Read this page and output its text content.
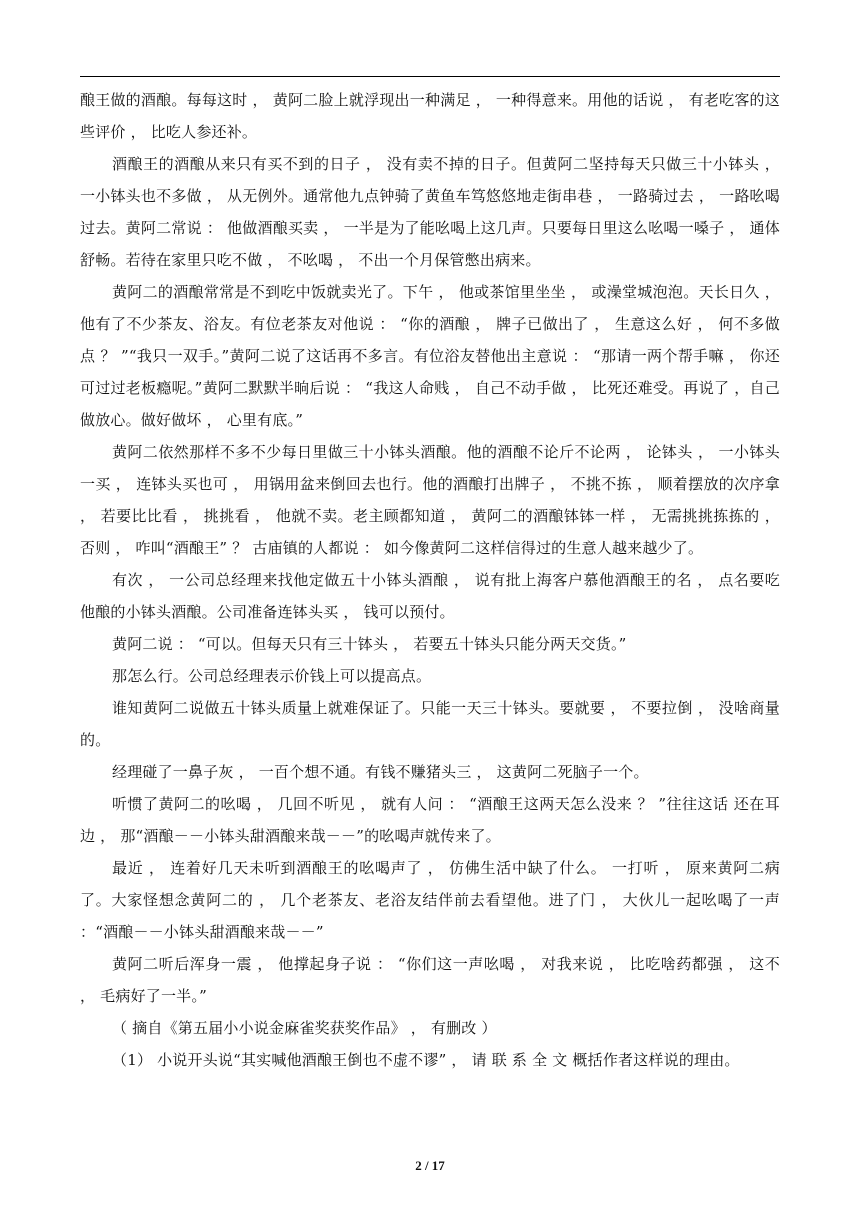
酿王做的酒酿。每每这时 ， 黄阿二脸上就浮现出一种满足 ， 一种得意来。用他的话说 ， 有老吃客的这些评价 ， 比吃人参还补。

酒酿王的酒酿从来只有买不到的日子 ， 没有卖不掉的日子。但黄阿二坚持每天只做三十小钵头 ， 一小钵头也不多做 ， 从无例外。通常他九点钟骑了黄鱼车笃悠悠地走街串巷 ， 一路骑过去 ， 一路吆喝过去。黄阿二常说 ： 他做酒酿买卖 ， 一半是为了能吆喝上这几声。只要每日里这么吆喝一嗓子 ， 通体舒畅。若待在家里只吃不做 ， 不吆喝 ， 不出一个月保管憋出病来。

黄阿二的酒酿常常是不到吃中饭就卖光了。下午 ， 他或茶馆里坐坐 ， 或澡堂城泡泡。天长日久 ，他有了不少茶友、浴友。有位老茶友对他说 ： “你的酒酿 ， 牌子已做出了 ， 生意这么好 ， 何不多做点 ？ ”“我只一双手。”黄阿二说了这话再不多言。有位浴友替他出主意说 ： “那请一两个帮手嘛 ， 你还可过过老板瘾呢。”黄阿二默默半晌后说 ： “我这人命贱 ， 自己不动手做 ， 比死还难受。再说了 ，自己做放心。做好做坏 ， 心里有底。”

黄阿二依然那样不多不少每日里做三十小钵头酒酿。他的酒酿不论斤不论两 ， 论钵头 ， 一小钵头一买 ， 连钵头买也可 ， 用锅用盆来倒回去也行。他的酒酿打出牌子 ， 不挑不拣 ， 顺着摆放的次序拿 ， 若要比比看 ， 挑挑看 ， 他就不卖。老主顾都知道 ， 黄阿二的酒酿钵钵一样 ， 无需挑挑拣拣的 ， 否则 ， 咋叫“酒酿王” ？ 古庙镇的人都说 ： 如今像黄阿二这样信得过的生意人越来越少了。

有次 ， 一公司总经理来找他定做五十小钵头酒酿 ， 说有批上海客户慕他酒酿王的名 ， 点名要吃他酿的小钵头酒酿。公司准备连钵头买 ， 钱可以预付。

黄阿二说 ： “可以。但每天只有三十钵头 ， 若要五十钵头只能分两天交货。”

那怎么行。公司总经理表示价钱上可以提高点。

谁知黄阿二说做五十钵头质量上就难保证了。只能一天三十钵头。要就要 ， 不要拉倒 ， 没啥商量的。

经理碰了一鼻子灰 ， 一百个想不通。有钱不赚猪头三 ， 这黄阿二死脑子一个。

听惯了黄阿二的吆喝 ， 几回不听见 ， 就有人问 ： “酒酿王这两天怎么没来 ？ ”往往这话 还在耳边 ， 那“酒酿－－小钵头甜酒酿来哉－－”的吆喝声就传来了。

最近 ， 连着好几天未听到酒酿王的吆喝声了 ， 仿佛生活中缺了什么。 一打听 ， 原来黄阿二病了。大家怪想念黄阿二的 ， 几个老茶友、老浴友结伴前去看望他。进了门 ， 大伙儿一起吆喝了一声 ：“酒酿－－小钵头甜酒酿来哉－－”

黄阿二听后浑身一震 ， 他撑起身子说 ： “你们这一声吆喝 ， 对我来说 ， 比吃啥药都强 ， 这不 ， 毛病好了一半。”

（ 摘自《第五届小小说金麻雀奖获奖作品》 ， 有删改 ）

（1） 小说开头说“其实喊他酒酿王倒也不虚不谬” ， 请 联 系 全 文 概括作者这样说的理由。

2 / 17
